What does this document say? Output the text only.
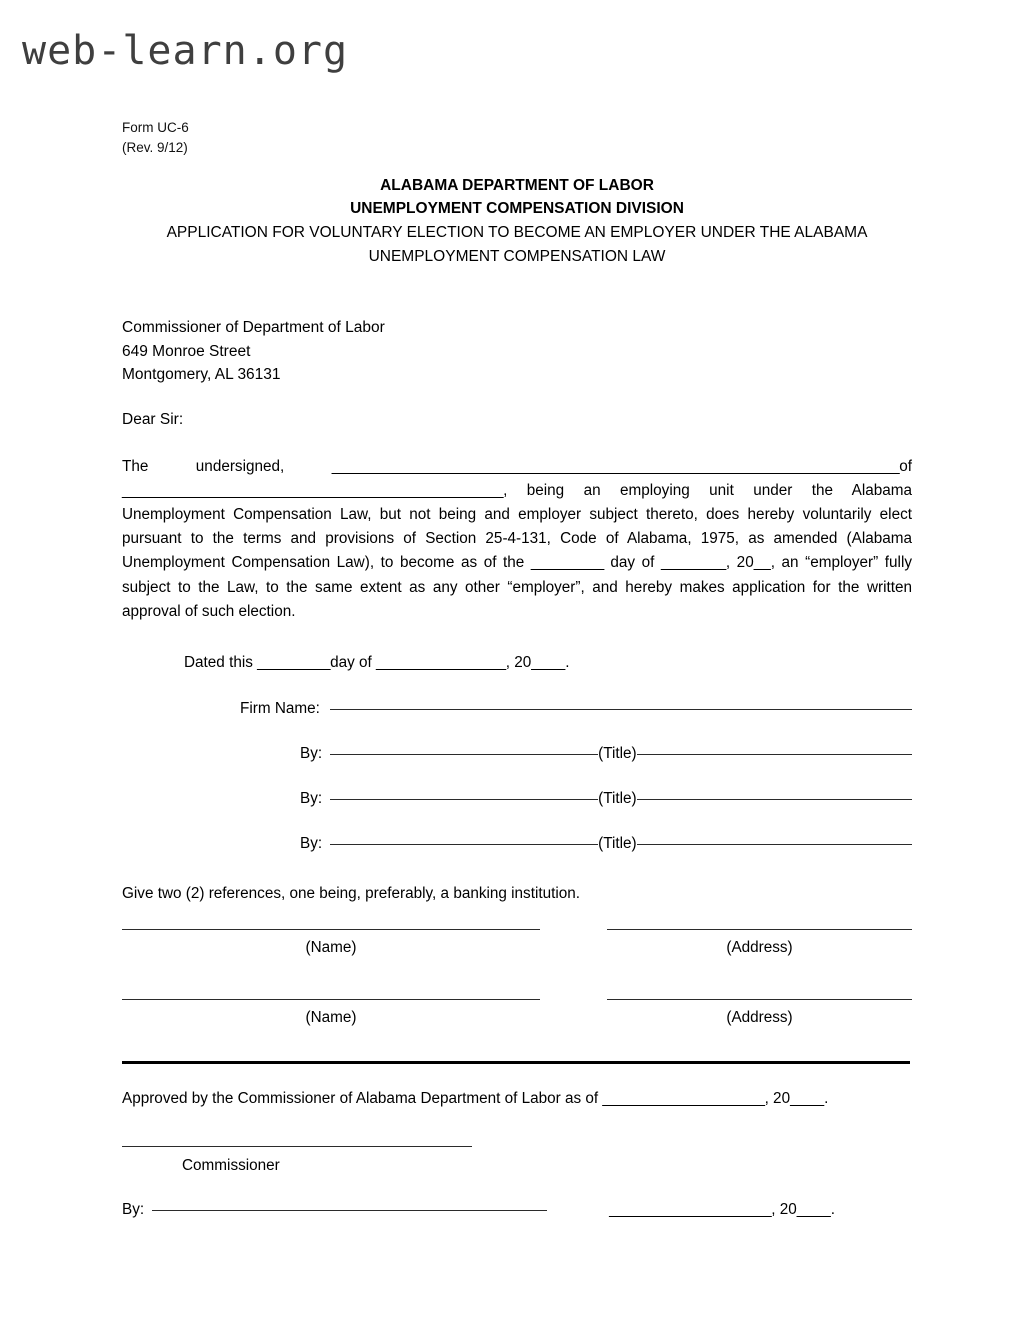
web-learn.org
Form UC-6
(Rev. 9/12)
ALABAMA DEPARTMENT OF LABOR
UNEMPLOYMENT COMPENSATION DIVISION
APPLICATION FOR VOLUNTARY ELECTION TO BECOME AN EMPLOYER UNDER THE ALABAMA
UNEMPLOYMENT COMPENSATION LAW
Commissioner of Department of Labor
649 Monroe Street
Montgomery, AL 36131
Dear Sir:
The undersigned, ______________________________________________________________________of _______________________________________________, being an employing unit under the Alabama Unemployment Compensation Law, but not being and employer subject thereto, does hereby voluntarily elect pursuant to the terms and provisions of Section 25-4-131, Code of Alabama, 1975, as amended (Alabama Unemployment Compensation Law), to become as of the _________ day of ________, 20__, an “employer” fully subject to the Law, to the same extent as any other “employer”, and hereby makes application for the written approval of such election.
Dated this _________day of ________________, 20____.
Firm Name:
By:	(Title)
By:	(Title)
By:	(Title)
Give two (2) references, one being, preferably, a banking institution.
(Name)	(Address)
(Name)	(Address)
Approved by the Commissioner of Alabama Department of Labor as of ____________________, 20____.
Commissioner
By:	____________________, 20____.
